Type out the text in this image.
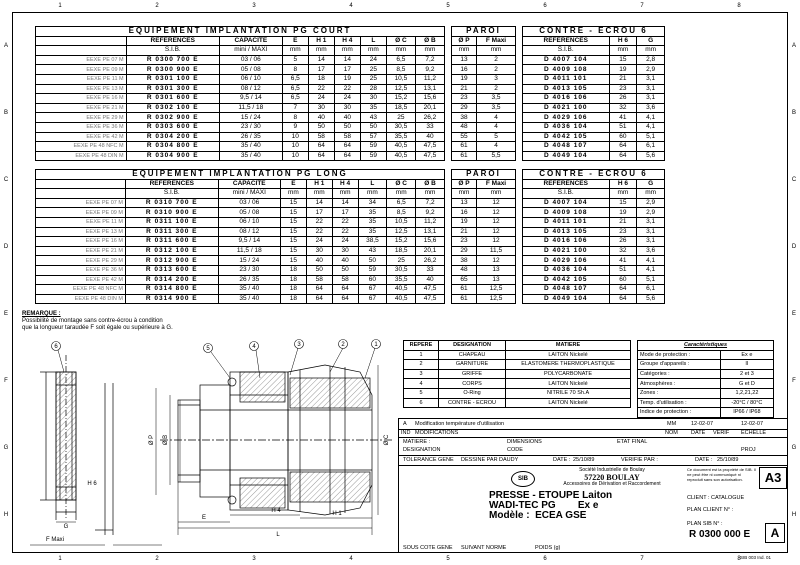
1	2	3	4	5	6	7	8
1	2	3	4	5	6	7	8
A
B
C
D
E
F
G
H
A
B
C
D
E
F
G
H
EQUIPEMENT IMPLANTATION PG COURT								
	REFERENCES	CAPACITE	E	H 1	H 4	L	Ø C	Ø B
	S.I.B.	mini / MAXI	mm	mm	mm	mm	mm	mm
EEXE PE 07 M	R 0300 700 E	03 / 06	5	14	14	24	6,5	7,2
EEXE PE 09 M	R 0300 900 E	05 / 08	8	17	17	25	8,5	9,2
EEXE PE 11 M	R 0301 100 E	06 / 10	6,5	18	19	25	10,5	11,2
EEXE PE 13 M	R 0301 300 E	08 / 12	6,5	22	22	28	12,5	13,1
EEXE PE 16 M	R 0301 600 E	9,5 / 14	6,5	24	24	30	15,2	15,6
EEXE PE 21 M	R 0302 100 E	11,5 / 18	7	30	30	35	18,5	20,1
EEXE PE 29 M	R 0302 900 E	15 / 24	8	40	40	43	25	26,2
EEXE PE 36 M	R 0303 600 E	23 / 30	9	50	50	50	30,5	33
EEXE PE 42 M	R 0304 200 E	26 / 35	10	58	58	57	35,5	40
EEXE PE 48 NFC M	R 0304 800 E	35 / 40	10	64	64	59	40,5	47,5
EEXE PE 48 DIN M	R 0304 900 E	35 / 40	10	64	64	59	40,5	47,5
PAROI	
Ø P	F Maxi
mm	mm
13	2
16	2
19	3
21	2
23	3,5
29	3,5
38	4
48	4
55	5
61	4
61	5,5
CONTRE - ECROU 6		
REFERENCES	H 6	G
S.I.B.	mm	mm
D 4007 104	15	2,8
D 4009 108	19	2,9
D 4011 101	21	3,1
D 4013 105	23	3,1
D 4016 106	26	3,1
D 4021 100	32	3,6
D 4029 106	41	4,1
D 4036 104	51	4,1
D 4042 105	60	5,1
D 4048 107	64	6,1
D 4049 104	64	5,6
EQUIPEMENT IMPLANTATION PG LONG								
	REFERENCES	CAPACITE	E	H 1	H 4	L	Ø C	Ø B
	S.I.B.	mini / MAXI	mm	mm	mm	mm	mm	mm
EEXE PE 07 M	R 0310 700 E	03 / 06	15	14	14	34	6,5	7,2
EEXE PE 09 M	R 0310 900 E	05 / 08	15	17	17	35	8,5	9,2
EEXE PE 11 M	R 0311 100 E	06 / 10	15	22	22	35	10,5	11,2
EEXE PE 13 M	R 0311 300 E	08 / 12	15	22	22	35	12,5	13,1
EEXE PE 16 M	R 0311 600 E	9,5 / 14	15	24	24	38,5	15,2	15,6
EEXE PE 21 M	R 0312 100 E	11,5 / 18	15	30	30	43	18,5	20,1
EEXE PE 29 M	R 0312 900 E	15 / 24	15	40	40	50	25	26,2
EEXE PE 36 M	R 0313 600 E	23 / 30	18	50	50	59	30,5	33
EEXE PE 42 M	R 0314 200 E	26 / 35	18	58	58	60	35,5	40
EEXE PE 48 NFC M	R 0314 800 E	35 / 40	18	64	64	67	40,5	47,5
EEXE PE 48 DIN M	R 0314 900 E	35 / 40	18	64	64	67	40,5	47,5
PAROI	
Ø P	F Maxi
mm	mm
13	12
16	12
19	12
21	12
23	12
29	11,5
38	12
48	13
65	13
61	12,5
61	12,5
CONTRE - ECROU 6		
REFERENCES	H 6	G
S.I.B.	mm	mm
D 4007 104	15	2,9
D 4009 108	19	2,9
D 4011 101	21	3,1
D 4013 105	23	3,1
D 4016 106	26	3,1
D 4021 100	32	3,6
D 4029 106	41	4,1
D 4036 104	51	4,1
D 4042 105	60	5,1
D 4048 107	64	6,1
D 4049 104	64	5,6
REMARQUE :
Possibilité de montage sans contre-écrou à condition
que la longueur taraudée F soit égale ou supérieure à G.
6	5	4	3	2	1
G
H 6
F Maxi
Ø P Ø B	Ø C
E
H 4	H 1
L
REPERE	DESIGNATION	MATIERE
1	CHAPEAU	LAITON Nickelé
2	GARNITURE	ELASTOMERE THERMOPLASTIQUE
3	GRIFFE	POLYCARBONATE
4	CORPS	LAITON Nickelé
5	O-Ring	NITRILE 70 Sh.A
6	CONTRE - ECROU	LAITON Nickelé
Caractéristiques	
Mode de protection :	Ex e
Groupe d'appareils :	II
Catégories :	2 et 3
Atmosphères :	G et D
Zones :	1,2,21,22
Temp. d'utilisation :	-20°C / 80°C
Indice de protection :	IP66 / IP68
A Modification température d'utilisation	MM	12-02-07	12-02-07
IND MODIFICATIONS	NOM DATE VERIF ECHELLE
MATIERE :
DESIGNATION
DIMENSIONS
CODE
ETAT FINAL
PROJ
TOLERANCE GENE DESSINE PAR :
DAUDY	DATE : 25/10/89	VERIFIE PAR :	DATE : 25/10/89
SIB
Société Industrielle de Boulay
57220 BOULAY
Accessoires de Dérivation et Raccordement
PRESSE - ETOUPE Laiton
WADI-TEC PG        Ex e
Modèle :  ECEA GSE
Ce document est la propriété de SIB. Il ne peut être ni communiqué ni reproduit sans son autorisation.	A3
CLIENT : CATALOGUE
PLAN CLIENT N° :
PLAN SIB N° :
R 0300 000 E	A
SOUS COTE GENE SUIVANT NORME	POIDS (g)
SIB 003 Ind. 01
